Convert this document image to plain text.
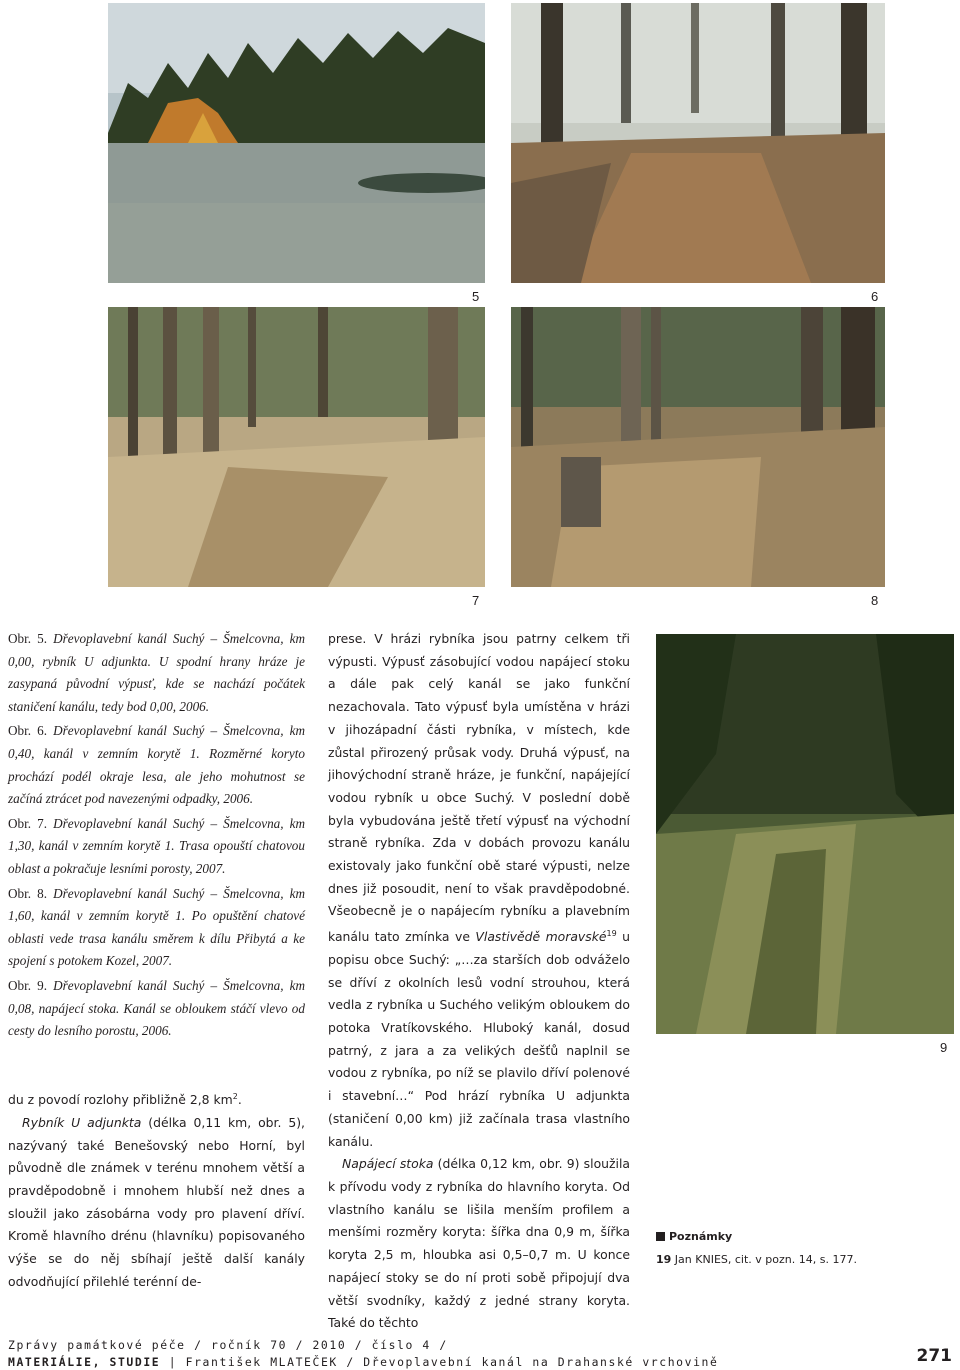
5	6
7	8
9

Obr. 5. Dřevoplavební kanál Suchý – Šmelcovna, km 0,00, rybník U adjunkta. U spodní hrany hráze je zasypaná původní výpusť, kde se nachází počátek staničení kanálu, tedy bod 0,00, 2006.

Obr. 6. Dřevoplavební kanál Suchý – Šmelcovna, km 0,40, kanál v zemním korytě 1. Rozměrné koryto prochází podél okraje lesa, ale jeho mohutnost se začíná ztrácet pod navezenými odpadky, 2006.

Obr. 7. Dřevoplavební kanál Suchý – Šmelcovna, km 1,30, kanál v zemním korytě 1. Trasa opouští chatovou oblast a pokračuje lesními porosty, 2007.

Obr. 8. Dřevoplavební kanál Suchý – Šmelcovna, km 1,60, kanál v zemním korytě 1. Po opuštění chatové oblasti vede trasa kanálu směrem k dílu Přibytá a ke spojení s potokem Kozel, 2007.

Obr. 9. Dřevoplavební kanál Suchý – Šmelcovna, km 0,08, napájecí stoka. Kanál se obloukem stáčí vlevo od cesty do lesního porostu, 2006.

du z povodí rozlohy přibližně 2,8 $km^2$.

Rybník U adjunkta (délka 0,11 km, obr. 5), nazývaný také Benešovský nebo Horní, byl původně dle známek v terénu mnohem větší a pravděpodobně i mnohem hlubší než dnes a sloužil jako zásobárna vody pro plavení dříví. Kromě hlavního drénu (hlavníku) popisovaného výše se do něj sbíhají ještě další kanály odvodňující přilehlé terénní de-

prese. V hrázi rybníka jsou patrny celkem tři výpusti. Výpusť zásobující vodou napájecí stoku a dále pak celý kanál se jako funkční nezachovala. Tato výpusť byla umístěna v hrázi v jihozápadní části rybníka, v místech, kde zůstal přirozený průsak vody. Druhá výpusť, na jihovýchodní straně hráze, je funkční, napájející vodou rybník u obce Suchý. V poslední době byla vybudována ještě třetí výpusť na východní straně rybníka. Zda v dobách provozu kanálu existovaly jako funkční obě staré výpusti, nelze dnes již posoudit, není to však pravděpodobné. Všeobecně je o napájecím rybníku a plavebním kanálu tato zmínka ve Vlastivědě moravské$^{19}$ u popisu obce Suchý: „…za starších dob odváželo se dříví z okolních lesů vodní strouhou, která vedla z rybníka u Suchého velikým obloukem do potoka Vratíkovského. Hluboký kanál, dosud patrný, z jara a za velikých dešťů naplnil se vodou z rybníka, po níž se plavilo dříví polenové i stavební…“ Pod hrází rybníka U adjunkta (staničení 0,00 km) již začínala trasa vlastního kanálu.

Napájecí stoka (délka 0,12 km, obr. 9) sloužila k přívodu vody z rybníka do hlavního koryta. Od vlastního kanálu se lišila menším profilem a menšími rozměry koryta: šířka dna 0,9 m, šířka koryta 2,5 m, hloubka asi 0,5–0,7 m. U konce napájecí stoky se do ní proti sobě připojují dva větší svodníky, každý z jedné strany koryta. Také do těchto

Poznámky
19 Jan KNIES, cit. v pozn. 14, s. 177.
Zprávy památkové péče / ročník 70 / 2010 / číslo 4 /
MATERIÁLIE, STUDIE | František MLATEČEK / Dřevoplavební kanál na Drahanské vrchovině	271
